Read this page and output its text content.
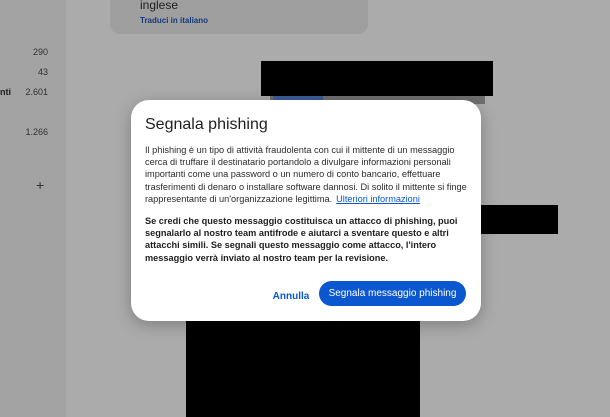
290
43
nti 2.601
1.266
+
inglese
Traduci in italiano
Segnala phishing

Il phishing è un tipo di attività fraudolenta con cui il mittente di un messaggio cerca di truffare il destinatario portandolo a divulgare informazioni personali importanti come una password o un numero di conto bancario, effettuare trasferimenti di denaro o installare software dannosi. Di solito il mittente si finge rappresentante di un'organizzazione legittima. Ulteriori informazioni

Se credi che questo messaggio costituisca un attacco di phishing, puoi segnalarlo al nostro team antifrode e aiutarci a sventare questo e altri attacchi simili. Se segnali questo messaggio come attacco, l'intero messaggio verrà inviato al nostro team per la revisione.

Annulla	Segnala messaggio phishing
